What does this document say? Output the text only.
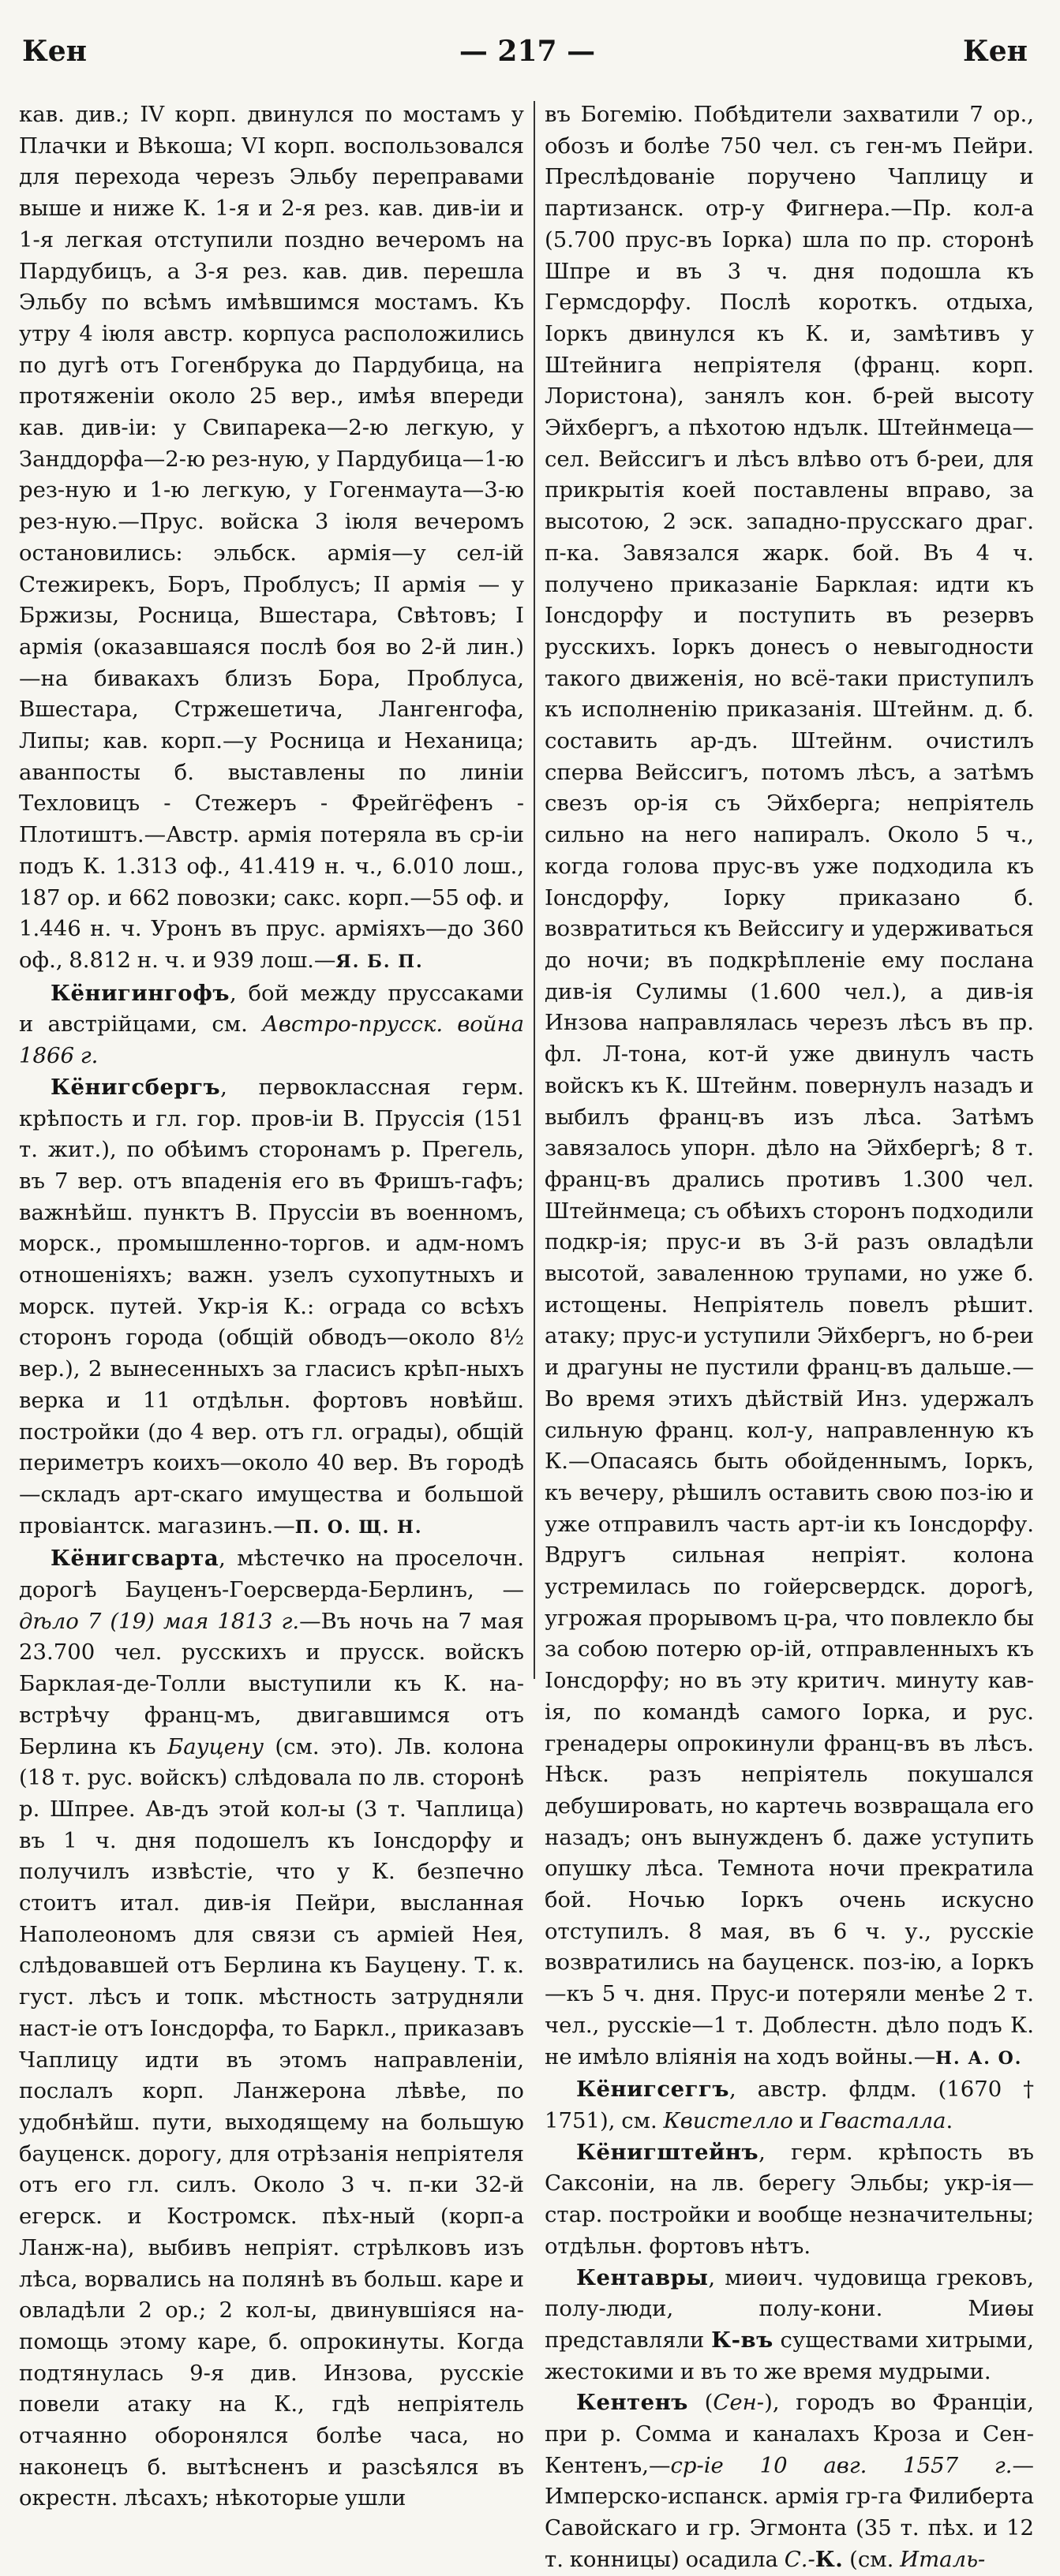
Кен	— 217 —	Кен

кав. див.; IV корп. двинулся по мостамъ у Плачки и Вѣкоша; VI корп. воспользовался для перехода черезъ Эльбу переправами выше и ниже К. 1-я и 2-я рез. кав. див-іи и 1-я легкая отступили поздно вечеромъ на Пардубицъ, а 3-я рез. кав. див. перешла Эльбу по всѣмъ имѣвшимся мостамъ. Къ утру 4 іюля австр. корпуса расположились по дугѣ отъ Гогенбрука до Пардубица, на протяженіи около 25 вер., имѣя впереди кав. див-іи: у Свипарека—2-ю легкую, у Занддорфа—2-ю рез-ную, у Пардубица—1-ю рез-ную и 1-ю легкую, у Гогенмаута—3-ю рез-ную.—Прус. войска 3 іюля вечеромъ остановились: эльбск. армія—у сел-ій Стежирекъ, Боръ, Проблусъ; II армія — у Бржизы, Росница, Вшестара, Свѣтовъ; I армія (оказавшаяся послѣ боя во 2-й лин.)—на бивакахъ близъ Бора, Проблуса, Вшестара, Стржешетича, Лангенгофа, Липы; кав. корп.—у Росница и Неханица; аванпосты б. выставлены по линіи Техловицъ - Стежеръ - Фрейгёфенъ - Плотиштъ.—Австр. армія потеряла въ ср-іи подъ К. 1.313 оф., 41.419 н. ч., 6.010 лош., 187 ор. и 662 повозки; сакс. корп.—55 оф. и 1.446 н. ч. Уронъ въ прус. арміяхъ—до 360 оф., 8.812 н. ч. и 939 лош.—Я. Б. П.

Кёнигингофъ, бой между пруссаками и австрійцами, см. Австро-прусск. война 1866 г.

Кёнигсбергъ, первоклассная герм. крѣпость и гл. гор. пров-іи В. Пруссія (151 т. жит.), по обѣимъ сторонамъ р. Прегель, въ 7 вер. отъ впаденія его въ Фришъ-гафъ; важнѣйш. пунктъ В. Пруссіи въ военномъ, морск., промышленно-торгов. и адм-номъ отношеніяхъ; важн. узелъ сухопутныхъ и морск. путей. Укр-ія К.: ограда со всѣхъ сторонъ города (общій обводъ—около 8½ вер.), 2 вынесенныхъ за гласисъ крѣп-ныхъ верка и 11 отдѣльн. фортовъ новѣйш. постройки (до 4 вер. отъ гл. ограды), общій периметръ коихъ—около 40 вер. Въ городѣ—складъ арт-скаго имущества и большой провіантск. магазинъ.—П. О. Щ. Н.

Кёнигсварта, мѣстечко на проселочн. дорогѣ Бауценъ-Гоерсверда-Берлинъ, — дѣло 7 (19) мая 1813 г.—Въ ночь на 7 мая 23.700 чел. русскихъ и прусск. войскъ Барклая-де-Толли выступили къ К. на-встрѣчу франц-мъ, двигавшимся отъ Берлина къ Бауцену (см. это). Лв. колона (18 т. рус. войскъ) слѣдовала по лв. сторонѣ р. Шпрее. Ав-дъ этой кол-ы (3 т. Чаплица) въ 1 ч. дня подошелъ къ Іонсдорфу и получилъ извѣстіе, что у К. безпечно стоитъ итал. див-ія Пейри, высланная Наполеономъ для связи съ арміей Нея, слѣдовавшей отъ Берлина къ Бауцену. Т. к. густ. лѣсъ и топк. мѣстность затрудняли наст-іе отъ Іонсдорфа, то Баркл., приказавъ Чаплицу идти въ этомъ направленіи, послалъ корп. Ланжерона лѣвѣе, по удобнѣйш. пути, выходящему на большую бауценск. дорогу, для отрѣзанія непріятеля отъ его гл. силъ. Около 3 ч. п-ки 32-й егерск. и Костромск. пѣх-ный (корп-а Ланж-на), выбивъ непріят. стрѣлковъ изъ лѣса, ворвались на полянѣ въ больш. каре и овладѣли 2 ор.; 2 кол-ы, двинувшіяся на-помощь этому каре, б. опрокинуты. Когда подтянулась 9-я див. Инзова, русскіе повели атаку на К., гдѣ непріятель отчаянно оборонялся болѣе часа, но наконецъ б. вытѣсненъ и разсѣялся въ окрестн. лѣсахъ; нѣкоторые ушли

въ Богемію. Побѣдители захватили 7 ор., обозъ и болѣе 750 чел. съ ген-мъ Пейри. Преслѣдованіе поручено Чаплицу и партизанск. отр-у Фигнера.—Пр. кол-а (5.700 прус-въ Іорка) шла по пр. сторонѣ Шпре и въ 3 ч. дня подошла къ Гермсдорфу. Послѣ короткъ. отдыха, Іоркъ двинулся къ К. и, замѣтивъ у Штейнига непріятеля (франц. корп. Лористона), занялъ кон. б-рей высоту Эйхбергъ, а пѣхотою ндълк. Штейнмеца—сел. Вейссигъ и лѣсъ влѣво отъ б-реи, для прикрытія коей поставлены вправо, за высотою, 2 эск. западно-прусскаго драг. п-ка. Завязался жарк. бой. Въ 4 ч. получено приказаніе Барклая: идти къ Іонсдорфу и поступить въ резервъ русскихъ. Іоркъ донесъ о невыгодности такого движенія, но всё-таки приступилъ къ исполненію приказанія. Штейнм. д. б. составить ар-дъ. Штейнм. очистилъ сперва Вейссигъ, потомъ лѣсъ, а затѣмъ свезъ ор-ія съ Эйхберга; непріятель сильно на него напиралъ. Около 5 ч., когда голова прус-въ уже подходила къ Іонсдорфу, Іорку приказано б. возвратиться къ Вейссигу и удерживаться до ночи; въ подкрѣпленіе ему послана див-ія Сулимы (1.600 чел.), а див-ія Инзова направлялась черезъ лѣсъ въ пр. фл. Л-тона, кот-й уже двинулъ часть войскъ къ К. Штейнм. повернулъ назадъ и выбилъ франц-въ изъ лѣса. Затѣмъ завязалось упорн. дѣло на Эйхбергѣ; 8 т. франц-въ дрались противъ 1.300 чел. Штейнмеца; съ обѣихъ сторонъ подходили подкр-ія; прус-и въ 3-й разъ овладѣли высотой, заваленною трупами, но уже б. истощены. Непріятель повелъ рѣшит. атаку; прус-и уступили Эйхбергъ, но б-реи и драгуны не пустили франц-въ дальше.—Во время этихъ дѣйствій Инз. удержалъ сильную франц. кол-у, направленную къ К.—Опасаясь быть обойденнымъ, Іоркъ, къ вечеру, рѣшилъ оставить свою поз-ію и уже отправилъ часть арт-іи къ Іонсдорфу. Вдругъ сильная непріят. колона устремилась по гойерсвердск. дорогѣ, угрожая прорывомъ ц-ра, что повлекло бы за собою потерю ор-ій, отправленныхъ къ Іонсдорфу; но въ эту критич. минуту кав-ія, по командѣ самого Іорка, и рус. гренадеры опрокинули франц-въ въ лѣсъ. Нѣск. разъ непріятель покушался дебушировать, но картечь возвращала его назадъ; онъ вынужденъ б. даже уступить опушку лѣса. Темнота ночи прекратила бой. Ночью Іоркъ очень искусно отступилъ. 8 мая, въ 6 ч. у., русскіе возвратились на бауценск. поз-ію, а Іоркъ—къ 5 ч. дня. Прус-и потеряли менѣе 2 т. чел., русскіе—1 т. Доблестн. дѣло подъ К. не имѣло вліянія на ходъ войны.—Н. А. О.

Кёнигсеггъ, австр. флдм. (1670 † 1751), см. Квистелло и Гвасталла.

Кёнигштейнъ, герм. крѣпость въ Саксоніи, на лв. берегу Эльбы; укр-ія—стар. постройки и вообще незначительны; отдѣльн. фортовъ нѣтъ.

Кентавры, миѳич. чудовища грековъ, полу-люди, полу-кони. Миѳы представляли К-въ существами хитрыми, жестокими и въ то же время мудрыми.

Кентенъ (Сен-), городъ во Франціи, при р. Сомма и каналахъ Кроза и Сен-Кентенъ,—ср-іе 10 авг. 1557 г.—Имперско-испанск. армія гр-га Филиберта Савойскаго и гр. Эгмонта (35 т. пѣх. и 12 т. конницы) осадила С.-К. (см. Италь-
